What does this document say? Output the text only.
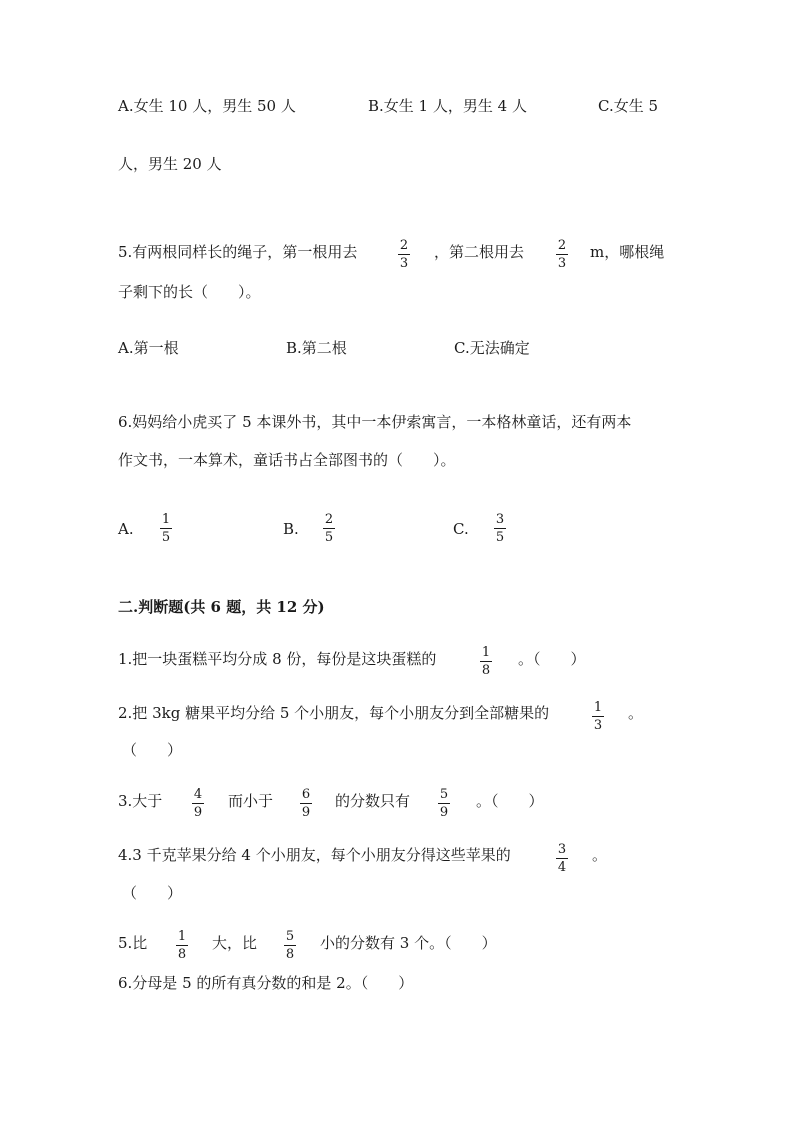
A.女生 10 人，男生 50 人	B.女生 1 人，男生 4 人	C.女生 5
人，男生 20 人
5.有两根同样长的绳子，第一根用去	2
3
，第二根用去	2
3
m，哪根绳
子剩下的长（　　）。
A.第一根	B.第二根	C.无法确定
6.妈妈给小虎买了 5 本课外书，其中一本伊索寓言，一本格林童话，还有两本
作文书，一本算术，童话书占全部图书的（　　）。
A.
1
5	B.
2
5	C.
3
5
二.判断题(共 6 题，共 12 分)
1.把一块蛋糕平均分成 8 份，每份是这块蛋糕的	1
8
。（　　）
2.把 3kg 糖果平均分给 5 个小朋友，每个小朋友分到全部糖果的	1
3
。
（　　）
3.大于 4
9
而小于 6
9
的分数只有 5
9
。（　　）
4.3 千克苹果分给 4 个小朋友，每个小朋友分得这些苹果的	3
4
。
（　　）
5.比 1
8
大，比 5
8
小的分数有 3 个。（　　）
6.分母是 5 的所有真分数的和是 2。（　　）
